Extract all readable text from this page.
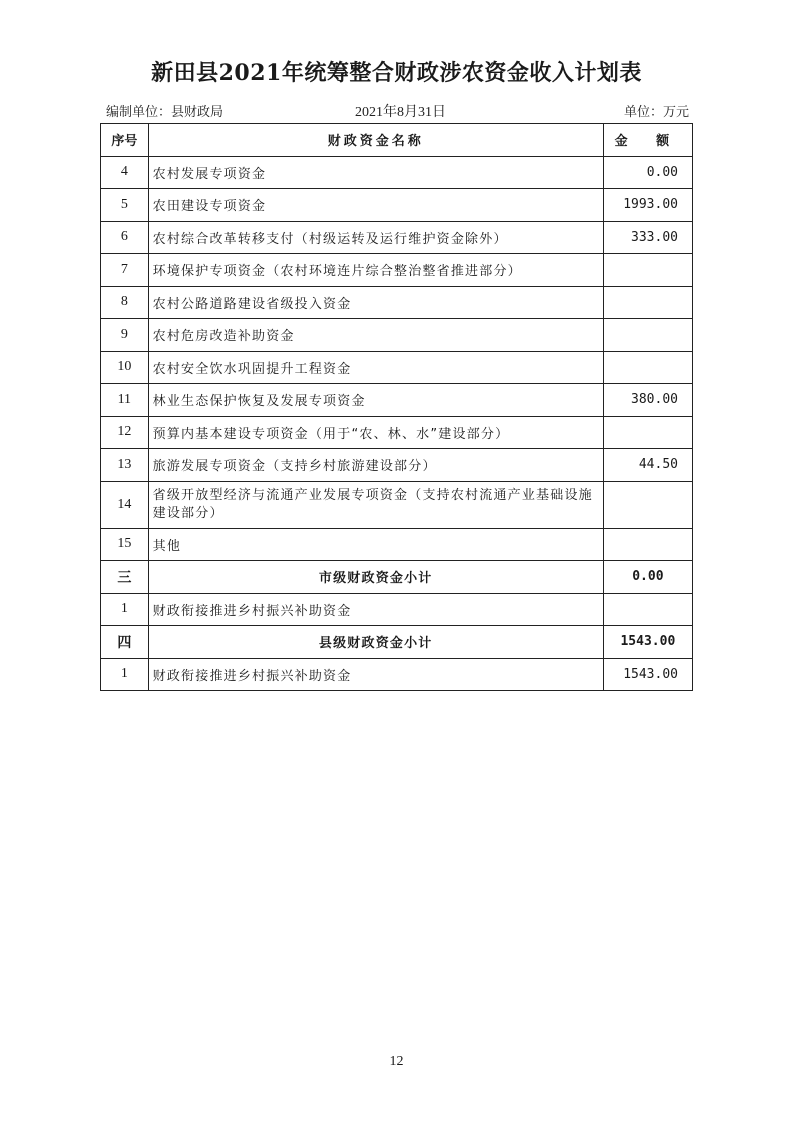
新田县2021年统筹整合财政涉农资金收入计划表
编制单位：县财政局	2021年8月31日	单位：万元
序号	财政资金名称	金 额
4	农村发展专项资金	0.00
5	农田建设专项资金	1993.00
6	农村综合改革转移支付（村级运转及运行维护资金除外）	333.00
7	环境保护专项资金（农村环境连片综合整治整省推进部分）	
8	农村公路道路建设省级投入资金	
9	农村危房改造补助资金	
10	农村安全饮水巩固提升工程资金	
11	林业生态保护恢复及发展专项资金	380.00
12	预算内基本建设专项资金（用于“农、林、水”建设部分）	
13	旅游发展专项资金（支持乡村旅游建设部分）	44.50
14	省级开放型经济与流通产业发展专项资金（支持农村流通产业基础设施建设部分）	
15	其他	
三	市级财政资金小计	0.00
1	财政衔接推进乡村振兴补助资金	
四	县级财政资金小计	1543.00
1	财政衔接推进乡村振兴补助资金	1543.00
12
